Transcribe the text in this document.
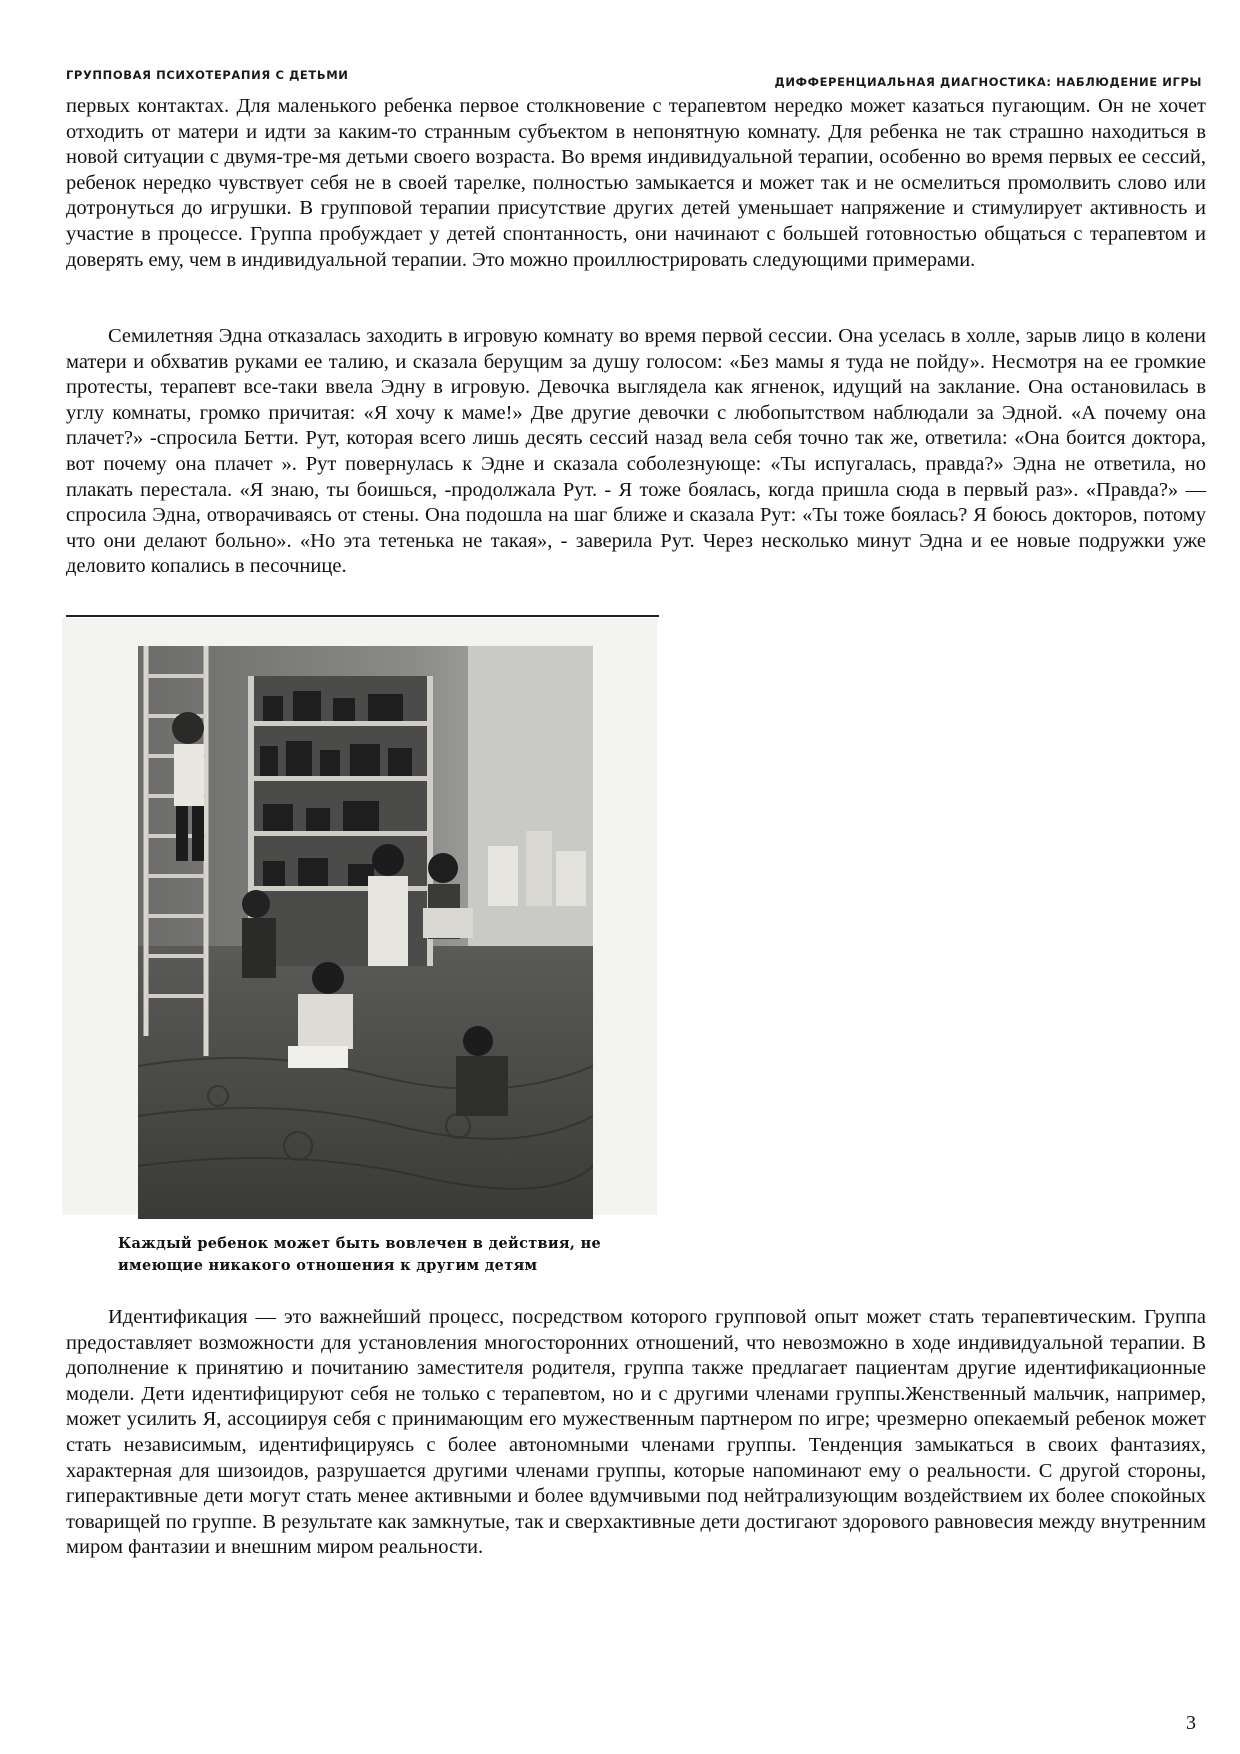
ГРУППОВАЯ ПСИХОТЕРАПИЯ С ДЕТЬМИ	ДИФФЕРЕНЦИАЛЬНАЯ ДИАГНОСТИКА: НАБЛЮДЕНИЕ ИГРЫ

первых контактах. Для маленького ребенка первое столкновение с терапевтом нередко может казаться пугающим. Он не хочет отходить от матери и идти за каким-то странным субъектом в непонятную комнату. Для ребенка не так страшно находиться в новой ситуации с двумя-тре-мя детьми своего возраста. Во время индивидуальной терапии, особенно во время первых ее сессий, ребенок нередко чувствует себя не в своей тарелке, полностью замыкается и может так и не осмелиться промолвить слово или дотронуться до игрушки. В групповой терапии присутствие других детей уменьшает напряжение и стимулирует активность и участие в процессе. Группа пробуждает у детей спонтанность, они начинают с большей готовностью общаться с терапевтом и доверять ему, чем в индивидуальной терапии. Это можно проиллюстрировать следующими примерами.

Семилетняя Эдна отказалась заходить в игровую комнату во время первой сессии. Она уселась в холле, зарыв лицо в колени матери и обхватив руками ее талию, и сказала берущим за душу голосом: «Без мамы я туда не пойду». Несмотря на ее громкие протесты, терапевт все-таки ввела Эдну в игровую. Девочка выглядела как ягненок, идущий на заклание. Она остановилась в углу комнаты, громко причитая: «Я хочу к маме!» Две другие девочки с любопытством наблюдали за Эдной. «А почему она плачет?» -спросила Бетти. Рут, которая всего лишь десять сессий назад вела себя точно так же, ответила: «Она боится доктора, вот почему она плачет ». Рут повернулась к Эдне и сказала соболезнующе: «Ты испугалась, правда?» Эдна не ответила, но плакать перестала. «Я знаю, ты боишься, -продолжала Рут. - Я тоже боялась, когда пришла сюда в первый раз». «Правда?» — спросила Эдна, отворачиваясь от стены. Она подошла на шаг ближе и сказала Рут: «Ты тоже боялась? Я боюсь докторов, потому что они делают больно». «Но эта тетенька не такая», - заверила Рут. Через несколько минут Эдна и ее новые подружки уже деловито копались в песочнице.

Каждый ребенок может быть вовлечен в действия, не имеющие никакого отношения к другим детям

Идентификация — это важнейший процесс, посредством которого групповой опыт может стать терапевтическим. Группа предоставляет возможности для установления многосторонних отношений, что невозможно в ходе индивидуальной терапии. В дополнение к принятию и почитанию заместителя родителя, группа также предлагает пациентам другие идентификационные модели. Дети идентифицируют себя не только с терапевтом, но и с другими членами группы.Женственный мальчик, например, может усилить Я, ассоциируя себя с принимающим его мужественным партнером по игре; чрезмерно опекаемый ребенок может стать независимым, идентифицируясь с более автономными членами группы. Тенденция замыкаться в своих фантазиях, характерная для шизоидов, разрушается другими членами группы, которые напоминают ему о реальности. С другой стороны, гиперактивные дети могут стать менее активными и более вдумчивыми под нейтрализующим воздействием их более спокойных товарищей по группе. В результате как замкнутые, так и сверхактивные дети достигают здорового равновесия между внутренним миром фантазии и внешним миром реальности.

3
